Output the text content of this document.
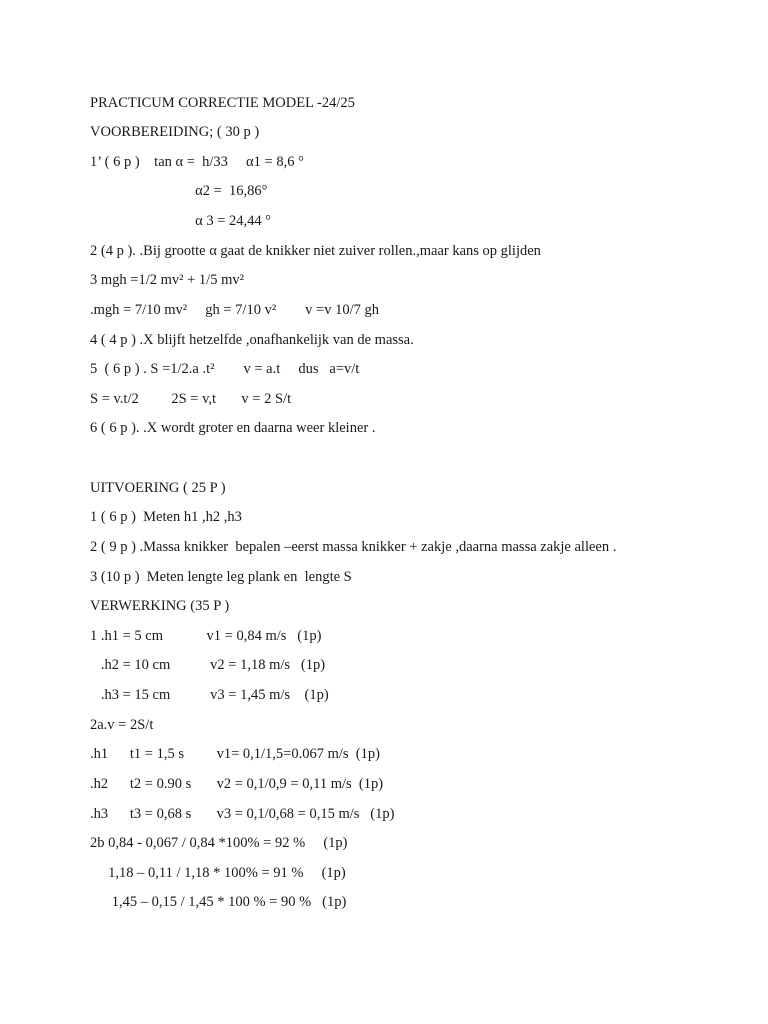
PRACTICUM CORRECTIE MODEL -24/25
VOORBEREIDING; ( 30 p )
1’ ( 6 p )    tan α =  h/33     α1 = 8,6 °
α2 =  16,86°
α 3 = 24,44 °
2 (4 p ). .Bij grootte α gaat de knikker niet zuiver rollen.,maar kans op glijden
3 mgh =1/2 mv² + 1/5 mv²
.mgh = 7/10 mv²     gh = 7/10 v²        v =v 10/7 gh
4 ( 4 p ) .X blijft hetzelfde ,onafhankelijk van de massa.
5  ( 6 p ) . S =1/2.a .t²        v = a.t     dus   a=v/t
S = v.t/2         2S = v,t       v = 2 S/t
6 ( 6 p ). .X wordt groter en daarna weer kleiner .
UITVOERING ( 25 P )
1 ( 6 p )  Meten h1 ,h2 ,h3
2 ( 9 p ) .Massa knikker  bepalen –eerst massa knikker + zakje ,daarna massa zakje alleen .
3 (10 p )  Meten lengte leg plank en  lengte S
VERWERKING (35 P )
1 .h1 = 5 cm            v1 = 0,84 m/s   (1p)
.h2 = 10 cm           v2 = 1,18 m/s   (1p)
.h3 = 15 cm           v3 = 1,45 m/s    (1p)
2a.v = 2S/t
.h1      t1 = 1,5 s         v1= 0,1/1,5=0.067 m/s  (1p)
.h2      t2 = 0.90 s       v2 = 0,1/0,9 = 0,11 m/s  (1p)
.h3      t3 = 0,68 s       v3 = 0,1/0,68 = 0,15 m/s   (1p)
2b 0,84 - 0,067 / 0,84 *100% = 92 %     (1p)
1,18 – 0,11 / 1,18 * 100% = 91 %     (1p)
1,45 – 0,15 / 1,45 * 100 % = 90 %   (1p)
